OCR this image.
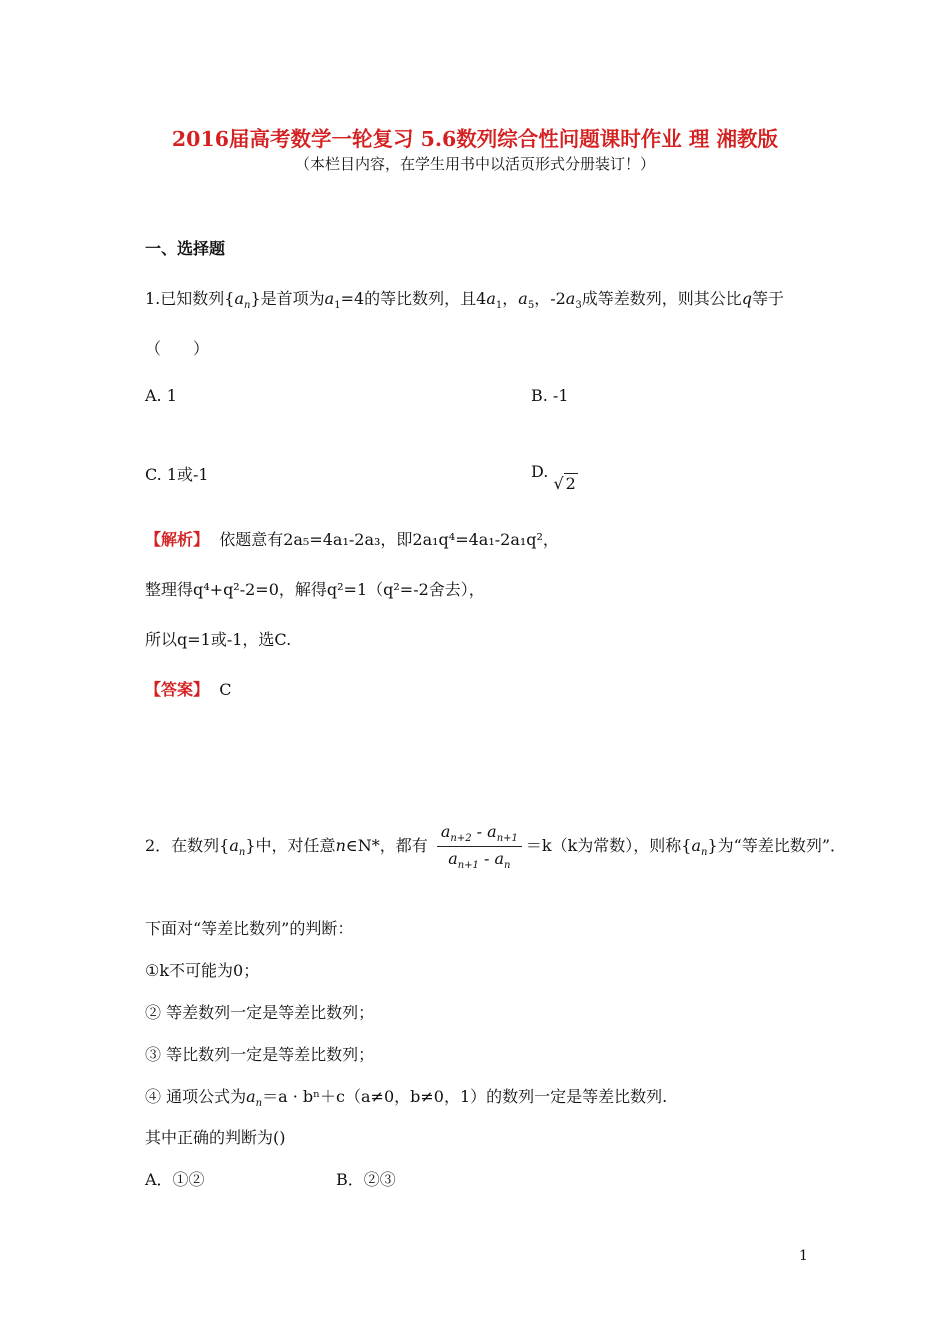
2016届高考数学一轮复习 5.6数列综合性问题课时作业 理 湘教版
（本栏目内容，在学生用书中以活页形式分册装订！）
一、选择题
1.已知数列$\{a_n\}$是首项为$a_1=4$的等比数列，且$4a_1$，$a_5$，$-2a_3$成等差数列，则其公比q等于
（　　）
A. 1	B. -1
C. 1或-1	D. √ 2
【解析】 依题意有2a₅=4a₁-2a₃，即2a₁q⁴=4a₁-2a₁q²，
整理得q⁴+q²-2=0，解得q²=1（q²=-2舍去），
所以q=1或-1，选C.
【答案】 C
2．在数列$\{a_n\}$中，对任意n∈N*，都有 $\frac{a_{n+2} - a_{n+1}}{a_{n+1} - a_n} =k(k$为常数），则称$\{a_n\}$为“等差比数列”．
下面对“等差比数列”的判断：
①k不可能为0；
② 等差数列一定是等差比数列；
③ 等比数列一定是等差比数列；
④ 通项公式为$a_n=a \cdot b^n+c(a\ne 0$，b≠0，1）的数列一定是等差比数列.
其中正确的判断为()
A．①②	B．②③
1
